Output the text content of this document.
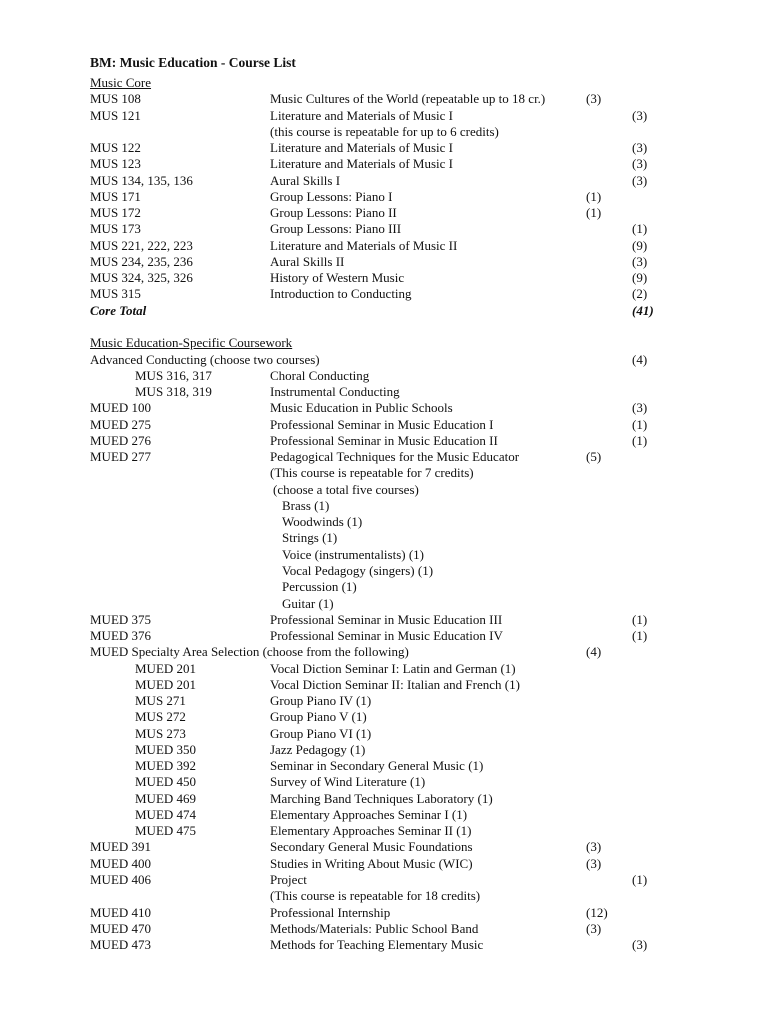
BM: Music Education - Course List
Music Core
MUS 108	Music Cultures of the World (repeatable up to 18 cr.)	(3)
MUS 121	Literature and Materials of Music I	(3)
(this course is repeatable for up to 6 credits)
MUS 122	Literature and Materials of Music I	(3)
MUS 123	Literature and Materials of Music I	(3)
MUS 134, 135, 136	Aural Skills I	(3)
MUS 171	Group Lessons: Piano I	(1)
MUS 172	Group Lessons: Piano II	(1)
MUS 173	Group Lessons: Piano III	(1)
MUS 221, 222, 223	Literature and Materials of Music II	(9)
MUS 234, 235, 236	Aural Skills II	(3)
MUS 324, 325, 326	History of Western Music	(9)
MUS 315	Introduction to Conducting	(2)
Core Total	(41)
Music Education-Specific Coursework
Advanced Conducting (choose two courses)	(4)
MUS 316, 317	Choral Conducting
MUS 318, 319	Instrumental Conducting
MUED 100	Music Education in Public Schools	(3)
MUED 275	Professional Seminar in Music Education I	(1)
MUED 276	Professional Seminar in Music Education II	(1)
MUED 277	Pedagogical Techniques for the Music Educator	(5)
(This course is repeatable for 7 credits)
(choose a total five courses)
Brass (1)
Woodwinds (1)
Strings (1)
Voice (instrumentalists) (1)
Vocal Pedagogy (singers) (1)
Percussion (1)
Guitar (1)
MUED 375	Professional Seminar in Music Education III	(1)
MUED 376	Professional Seminar in Music Education IV	(1)
MUED Specialty Area Selection (choose from the following)	(4)
MUED 201	Vocal Diction Seminar I: Latin and German (1)
MUED 201	Vocal Diction Seminar II: Italian and French (1)
MUS 271	Group Piano IV (1)
MUS 272	Group Piano V (1)
MUS 273	Group Piano VI (1)
MUED 350	Jazz Pedagogy (1)
MUED 392	Seminar in Secondary General Music (1)
MUED 450	Survey of Wind Literature (1)
MUED 469	Marching Band Techniques Laboratory (1)
MUED 474	Elementary Approaches Seminar I (1)
MUED 475	Elementary Approaches Seminar II (1)
MUED 391	Secondary General Music Foundations	(3)
MUED 400	Studies in Writing About Music (WIC)	(3)
MUED 406	Project	(1)
(This course is repeatable for 18 credits)
MUED 410	Professional Internship	(12)
MUED 470	Methods/Materials: Public School Band	(3)
MUED 473	Methods for Teaching Elementary Music	(3)
